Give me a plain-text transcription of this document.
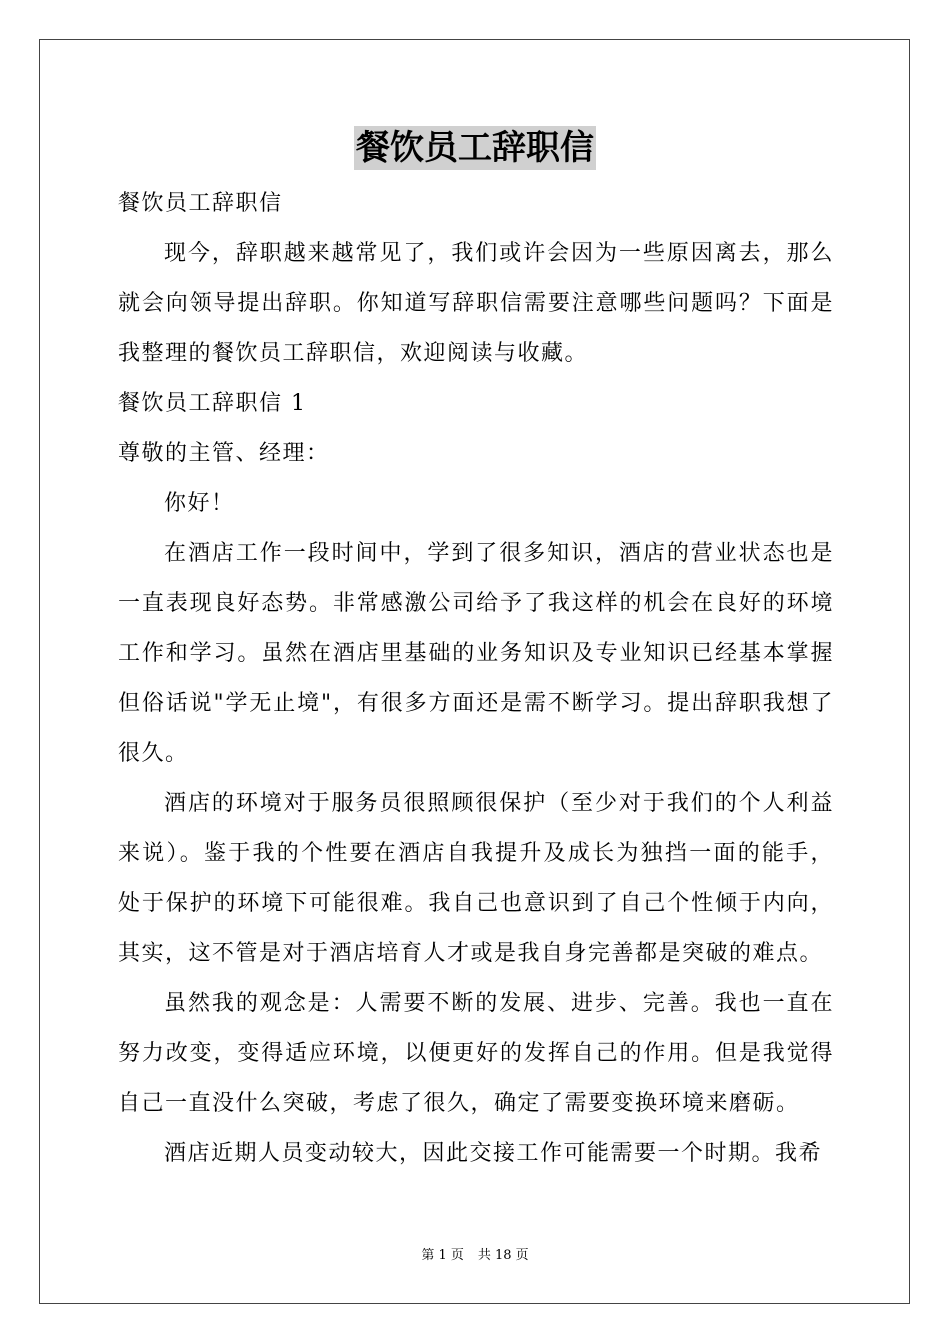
餐饮员工辞职信

餐饮员工辞职信

现今，辞职越来越常见了，我们或许会因为一些原因离去，那么就会向领导提出辞职。你知道写辞职信需要注意哪些问题吗？下面是我整理的餐饮员工辞职信，欢迎阅读与收藏。

餐饮员工辞职信 1

尊敬的主管、经理：

你好！

在酒店工作一段时间中，学到了很多知识，酒店的营业状态也是一直表现良好态势。非常感激公司给予了我这样的机会在良好的环境工作和学习。虽然在酒店里基础的业务知识及专业知识已经基本掌握但俗话说"学无止境"，有很多方面还是需不断学习。提出辞职我想了很久。

酒店的环境对于服务员很照顾很保护（至少对于我们的个人利益来说）。鉴于我的个性要在酒店自我提升及成长为独挡一面的能手，处于保护的环境下可能很难。我自己也意识到了自己个性倾于内向，其实，这不管是对于酒店培育人才或是我自身完善都是突破的难点。

虽然我的观念是：人需要不断的发展、进步、完善。我也一直在努力改变，变得适应环境，以便更好的发挥自己的作用。但是我觉得自己一直没什么突破，考虑了很久，确定了需要变换环境来磨砺。

酒店近期人员变动较大，因此交接工作可能需要一个时期。我希

第 1 页 共 18 页
